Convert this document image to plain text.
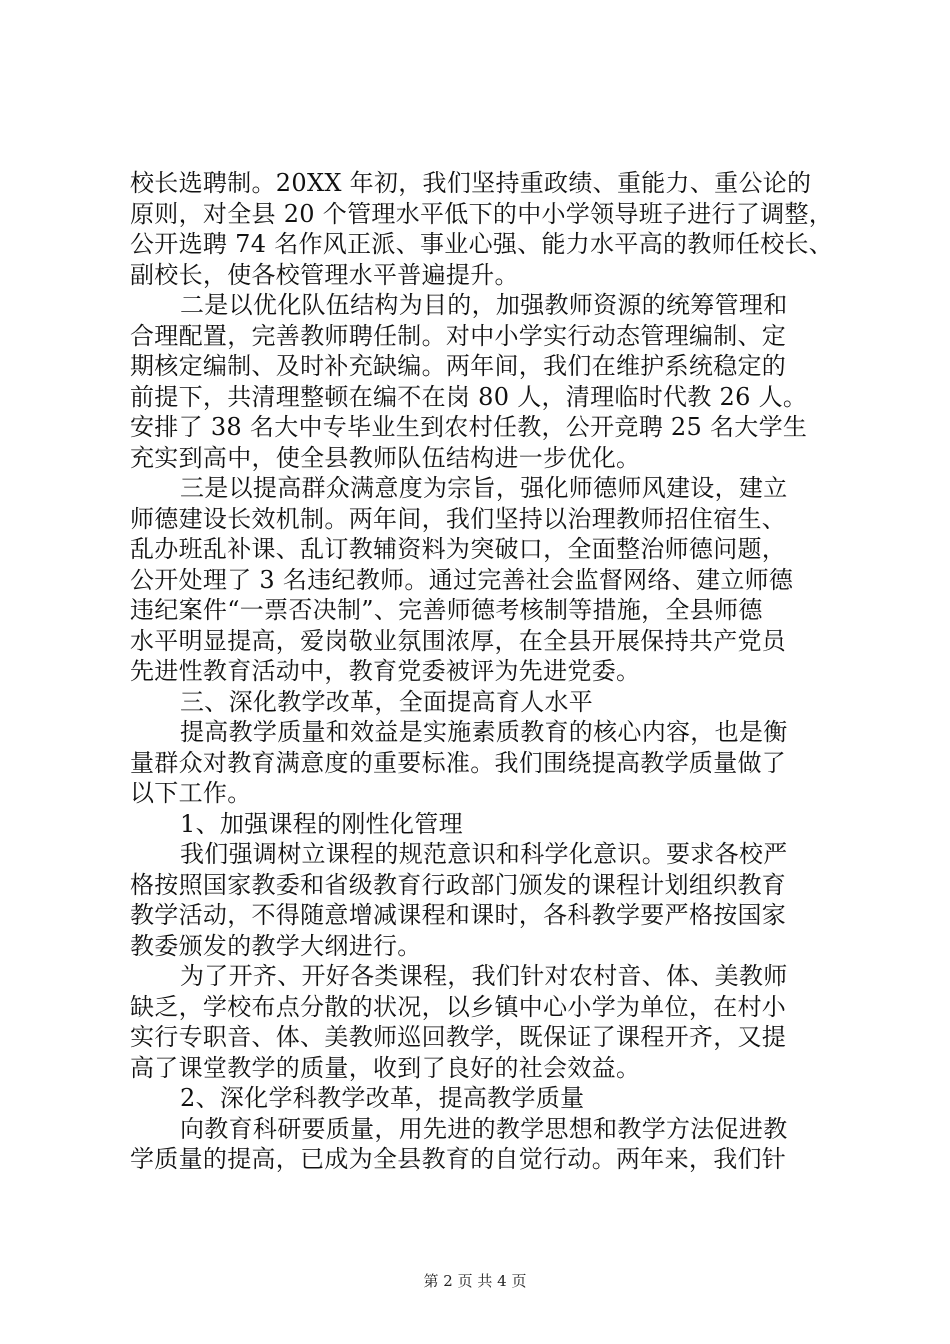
校长选聘制。20XX 年初，我们坚持重政绩、重能力、重公论的
原则，对全县 20 个管理水平低下的中小学领导班子进行了调整，
公开选聘 74 名作风正派、事业心强、能力水平高的教师任校长、
副校长，使各校管理水平普遍提升。
二是以优化队伍结构为目的，加强教师资源的统筹管理和
合理配置，完善教师聘任制。对中小学实行动态管理编制、定
期核定编制、及时补充缺编。两年间，我们在维护系统稳定的
前提下，共清理整顿在编不在岗 80 人，清理临时代教 26 人。
安排了 38 名大中专毕业生到农村任教，公开竞聘 25 名大学生
充实到高中，使全县教师队伍结构进一步优化。
三是以提高群众满意度为宗旨，强化师德师风建设，建立
师德建设长效机制。两年间，我们坚持以治理教师招住宿生、
乱办班乱补课、乱订教辅资料为突破口，全面整治师德问题，
公开处理了 3 名违纪教师。通过完善社会监督网络、建立师德
违纪案件“一票否决制”、完善师德考核制等措施，全县师德
水平明显提高，爱岗敬业氛围浓厚，在全县开展保持共产党员
先进性教育活动中，教育党委被评为先进党委。
三、深化教学改革，全面提高育人水平
提高教学质量和效益是实施素质教育的核心内容，也是衡
量群众对教育满意度的重要标准。我们围绕提高教学质量做了
以下工作。
1、加强课程的刚性化管理
我们强调树立课程的规范意识和科学化意识。要求各校严
格按照国家教委和省级教育行政部门颁发的课程计划组织教育
教学活动，不得随意增减课程和课时，各科教学要严格按国家
教委颁发的教学大纲进行。
为了开齐、开好各类课程，我们针对农村音、体、美教师
缺乏，学校布点分散的状况，以乡镇中心小学为单位，在村小
实行专职音、体、美教师巡回教学，既保证了课程开齐，又提
高了课堂教学的质量，收到了良好的社会效益。
2、深化学科教学改革，提高教学质量
向教育科研要质量，用先进的教学思想和教学方法促进教
学质量的提高，已成为全县教育的自觉行动。两年来，我们针
第 2 页 共 4 页
